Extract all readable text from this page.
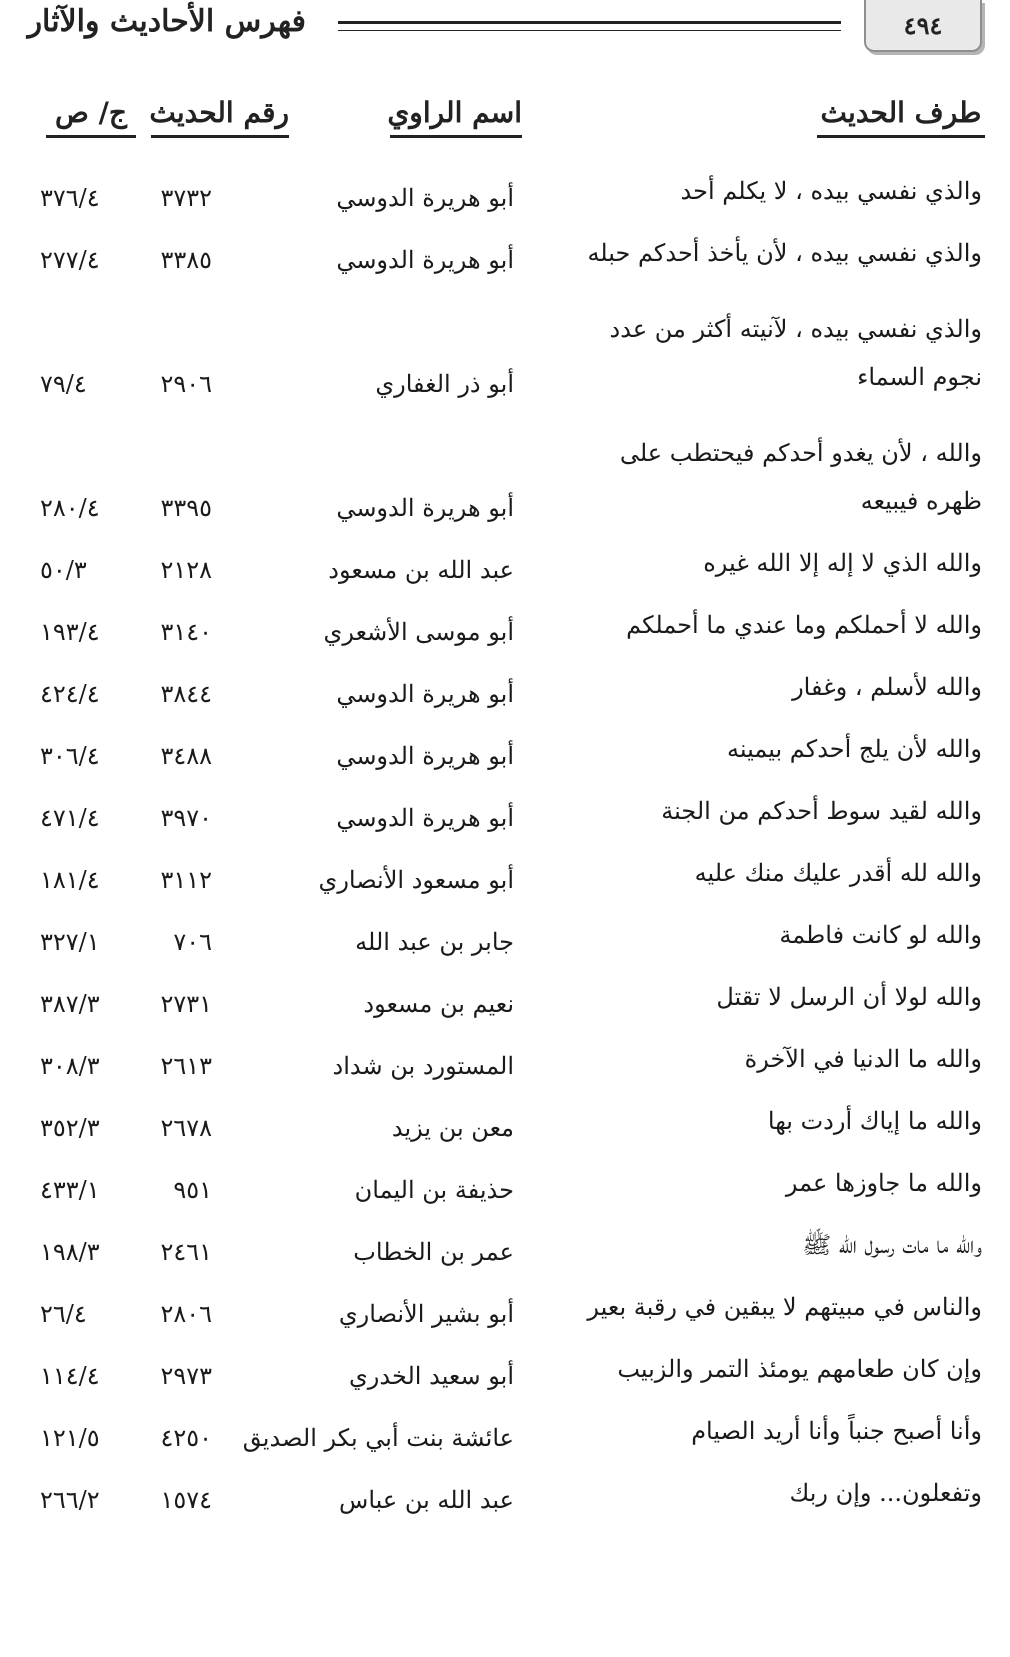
٤٩٤
فهرس الأحاديث والآثار
طرف الحديث
اسم الراوي
رقم الحديث
ج/ ص
والذي نفسي بيده ، لا يكلم أحد
أبو هريرة الدوسي
٣٧٣٢
٣٧٦/٤
والذي نفسي بيده ، لأن يأخذ أحدكم حبله
أبو هريرة الدوسي
٣٣٨٥
٢٧٧/٤
والذي نفسي بيده ، لآنيته أكثر من عدد نجوم السماء
أبو ذر الغفاري
٢٩٠٦
٧٩/٤
والله ، لأن يغدو أحدكم فيحتطب على ظهره فيبيعه
أبو هريرة الدوسي
٣٣٩٥
٢٨٠/٤
والله الذي لا إله إلا الله غيره
عبد الله بن مسعود
٢١٢٨
٥٠/٣
والله لا أحملكم وما عندي ما أحملكم
أبو موسى الأشعري
٣١٤٠
١٩٣/٤
والله لأسلم ، وغفار
أبو هريرة الدوسي
٣٨٤٤
٤٢٤/٤
والله لأن يلج أحدكم بيمينه
أبو هريرة الدوسي
٣٤٨٨
٣٠٦/٤
والله لقيد سوط أحدكم من الجنة
أبو هريرة الدوسي
٣٩٧٠
٤٧١/٤
والله لله أقدر عليك منك عليه
أبو مسعود الأنصاري
٣١١٢
١٨١/٤
والله لو كانت فاطمة
جابر بن عبد الله
٧٠٦
٣٢٧/١
والله لولا أن الرسل لا تقتل
نعيم بن مسعود
٢٧٣١
٣٨٧/٣
والله ما الدنيا في الآخرة
المستورد بن شداد
٢٦١٣
٣٠٨/٣
والله ما إياك أردت بها
معن بن يزيد
٢٦٧٨
٣٥٢/٣
والله ما جاوزها عمر
حذيفة بن اليمان
٩٥١
٤٣٣/١
والله ما مات رسول الله ﷺ
عمر بن الخطاب
٢٤٦١
١٩٨/٣
والناس في مبيتهم لا يبقين في رقبة بعير
أبو بشير الأنصاري
٢٨٠٦
٢٦/٤
وإن كان طعامهم يومئذ التمر والزبيب
أبو سعيد الخدري
٢٩٧٣
١١٤/٤
وأنا أصبح جنباً وأنا أريد الصيام
عائشة بنت أبي بكر الصديق
٤٢٥٠
١٢١/٥
وتفعلون... وإن ربك
عبد الله بن عباس
١٥٧٤
٢٦٦/٢
